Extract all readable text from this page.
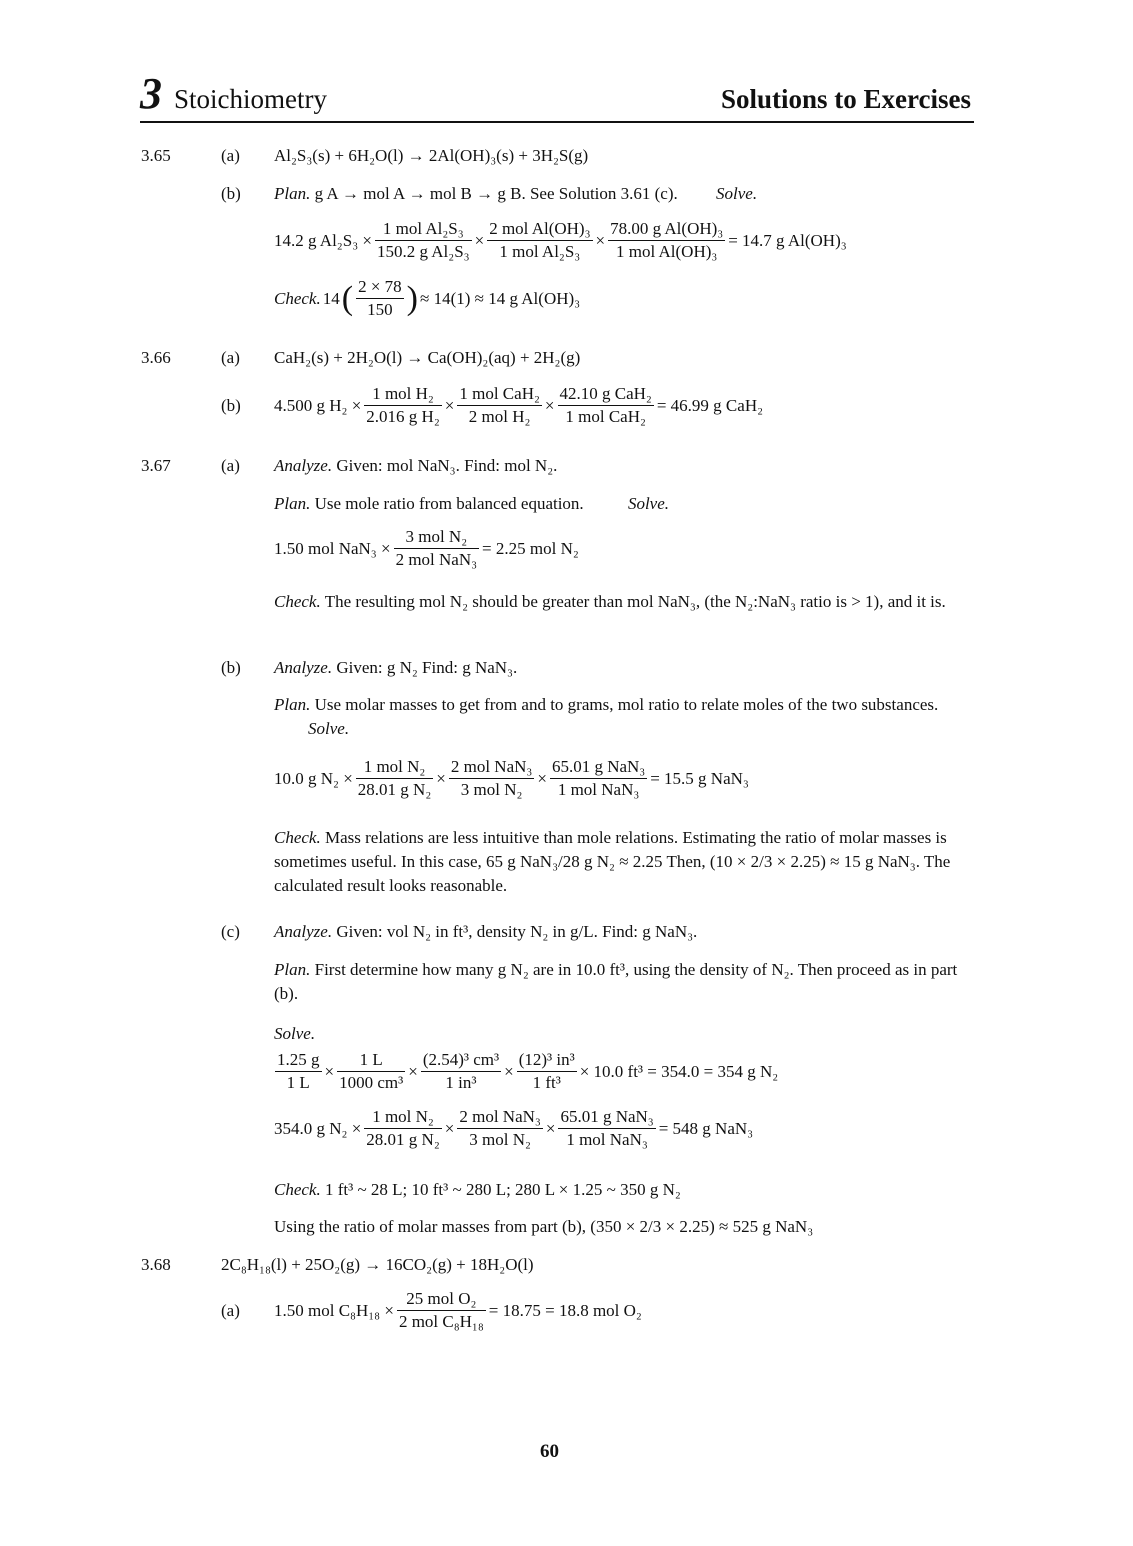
3 Stoichiometry	Solutions to Exercises
3.65	(a) Al₂S₃(s) + 6H₂O(l) → 2Al(OH)₃(s) + 3H₂S(g)
(b) Plan. g A → mol A → mol B → g B. See Solution 3.61 (c). Solve.
14.2 g $Al_2S_3 \times \frac{\text{1 mol Al₂S₃}}{\text{150.2 g Al₂S₃}} \times \frac{\text{2 mol Al(OH)₃}}{\text{1 mol Al₂S₃}} \times \frac{\text{78.00 g Al(OH)₃}}{\text{1 mol Al(OH)₃}} = 14.7$ g Al(OH)₃
Check. 14 ( $\frac{2 \times 78}{150}$ ) ≈ 14(1) ≈ 14 g Al(OH)₃
3.66	(a) CaH₂(s) + 2H₂O(l) → Ca(OH)₂(aq) + 2H₂(g)
(b) 4.500 g $H_2 \times \frac{\text{1 mol H₂}}{\text{2.016 g H₂}} \times \frac{\text{1 mol CaH₂}}{\text{2 mol H₂}} \times \frac{\text{42.10 g CaH₂}}{\text{1 mol CaH₂}} = 46.99$ g CaH₂
3.67	(a) Analyze. Given: mol NaN₃. Find: mol N₂.
Plan. Use mole ratio from balanced equation.	Solve.
1.50 mol $NaN_3 \times \frac{\text{3 mol N₂}}{\text{2 mol NaN₃}} = 2.25$ mol N₂
Check. The resulting mol N₂ should be greater than mol NaN₃, (the N₂:NaN₃ ratio is > 1), and it is.
(b) Analyze. Given: g N₂ Find: g NaN₃.
Plan. Use molar masses to get from and to grams, mol ratio to relate moles of the two substances. Solve.
10.0 g $N_2 \times \frac{\text{1 mol N₂}}{\text{28.01 g N₂}} \times \frac{\text{2 mol NaN₃}}{\text{3 mol N₂}} \times \frac{\text{65.01 g NaN₃}}{\text{1 mol NaN₃}} = 15.5$ g NaN₃
Check. Mass relations are less intuitive than mole relations. Estimating the ratio of molar masses is sometimes useful. In this case, 65 g NaN₃/28 g N₂ ≈ 2.25 Then, (10 × 2/3 × 2.25) ≈ 15 g NaN₃. The calculated result looks reasonable.
(c) Analyze. Given: vol N₂ in ft³, density N₂ in g/L. Find: g NaN₃.
Plan. First determine how many g N₂ are in 10.0 ft³, using the density of N₂. Then proceed as in part (b).
Solve.
$\frac{1.25 g}{1 L} \times \frac{1 L}{\text{1000 cm³}} \times \frac{\text{(2.54)³ cm³}}{\text{1 in³}} \times \frac{\text{(12)³ in³}}{\text{1 ft³}} \times 10.0$ ft³ = 354.0 = 354 g N₂
354.0 g $N_2 \times \frac{\text{1 mol N₂}}{\text{28.01 g N₂}} \times \frac{\text{2 mol NaN₃}}{\text{3 mol N₂}} \times \frac{\text{65.01 g NaN₃}}{\text{1 mol NaN₃}} = 548$ g NaN₃
Check. 1 ft³ ~ 28 L; 10 ft³ ~ 280 L; 280 L × 1.25 ~ 350 g N₂
Using the ratio of molar masses from part (b), (350 × 2/3 × 2.25) ≈ 525 g NaN₃
3.68	2C₈H₁₈(l) + 25O₂(g) → 16CO₂(g) + 18H₂O(l)
(a) 1.50 mol $C_8H_{18} \times \frac{\text{25 mol O₂}}{\text{2 mol C₈H₁₈}} = 18.75 = 18.8$ mol O₂
60
